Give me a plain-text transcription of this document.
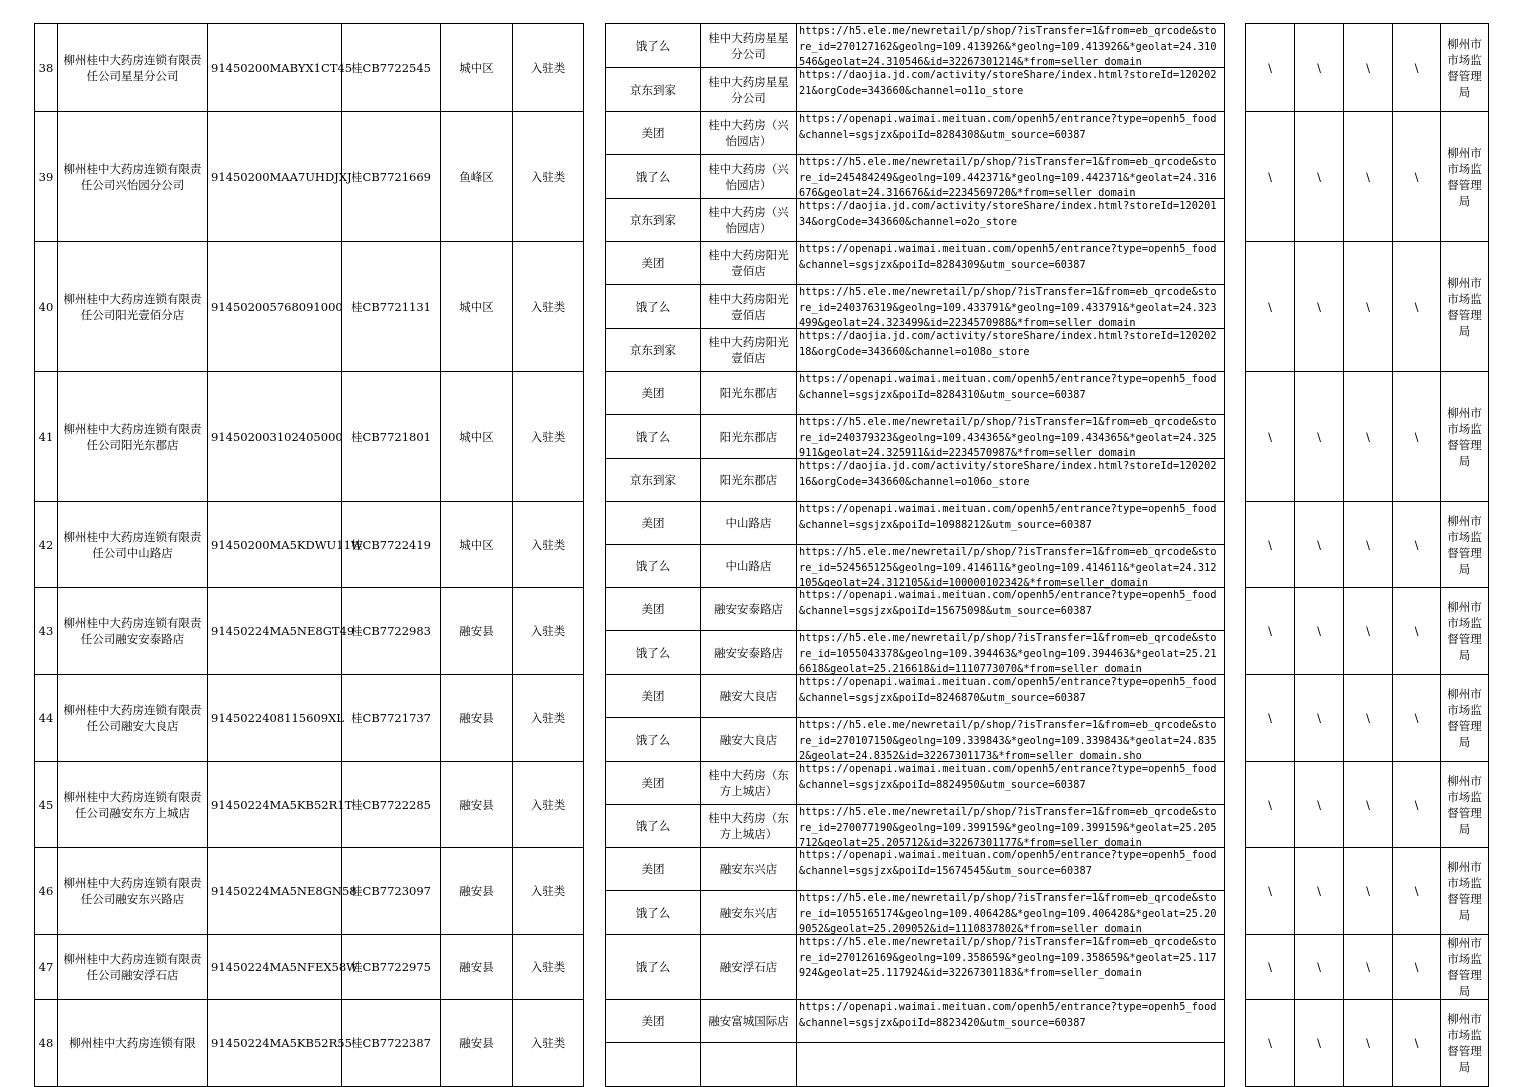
38	柳州桂中大药房连锁有限责任公司星星分公司	91450200MABYX1CT45	桂CB7722545	城中区	入驻类		饿了么	桂中大药房星星分公司	https://h5.ele.me/newretail/p/shop/?isTransfer=1&from=eb_qrcode&store_id=270127162&geolng=109.413926&*geolng=109.413926&*geolat=24.310546&geolat=24.310546&id=32267301214&*from=seller_domain		\	\	\	\	柳州市市场监督管理局
							京东到家	桂中大药房星星分公司	https://daojia.jd.com/activity/storeShare/index.html?storeId=12020221&orgCode=343660&channel=o11o_store						

39	柳州桂中大药房连锁有限责任公司兴怡园分公司	91450200MAA7UHDJXJ	桂CB7721669	鱼峰区	入驻类		美团	桂中大药房（兴怡园店）	https://openapi.waimai.meituan.com/openh5/entrance?type=openh5_food&channel=sgsjzx&poiId=8284308&utm_source=60387		\	\	\	\	柳州市市场监督管理局
							饿了么	桂中大药房（兴怡园店）	https://h5.ele.me/newretail/p/shop/?isTransfer=1&from=eb_qrcode&store_id=245484249&geolng=109.442371&*geolng=109.442371&*geolat=24.316676&geolat=24.316676&id=2234569720&*from=seller_domain						

							京东到家	桂中大药房（兴怡园店）	https://daojia.jd.com/activity/storeShare/index.html?storeId=12020134&orgCode=343660&channel=o2o_store						

40	柳州桂中大药房连锁有限责任公司阳光壹佰分店	914502005768091000	桂CB7721131	城中区	入驻类		美团	桂中大药房阳光壹佰店	https://openapi.waimai.meituan.com/openh5/entrance?type=openh5_food&channel=sgsjzx&poiId=8284309&utm_source=60387		\	\	\	\	柳州市市场监督管理局
							饿了么	桂中大药房阳光壹佰店	https://h5.ele.me/newretail/p/shop/?isTransfer=1&from=eb_qrcode&store_id=240376319&geolng=109.433791&*geolng=109.433791&*geolat=24.323499&geolat=24.323499&id=2234570988&*from=seller_domain						

							京东到家	桂中大药房阳光壹佰店	https://daojia.jd.com/activity/storeShare/index.html?storeId=12020218&orgCode=343660&channel=o108o_store						

41	柳州桂中大药房连锁有限责任公司阳光东郡店	914502003102405000	桂CB7721801	城中区	入驻类		美团	阳光东郡店	https://openapi.waimai.meituan.com/openh5/entrance?type=openh5_food&channel=sgsjzx&poiId=8284310&utm_source=60387		\	\	\	\	柳州市市场监督管理局
							饿了么	阳光东郡店	https://h5.ele.me/newretail/p/shop/?isTransfer=1&from=eb_qrcode&store_id=240379323&geolng=109.434365&*geolng=109.434365&*geolat=24.325911&geolat=24.325911&id=2234570987&*from=seller_domain						

							京东到家	阳光东郡店	https://daojia.jd.com/activity/storeShare/index.html?storeId=12020216&orgCode=343660&channel=o106o_store						

42	柳州桂中大药房连锁有限责任公司中山路店	91450200MA5KDWU11W	桂CB7722419	城中区	入驻类		美团	中山路店	https://openapi.waimai.meituan.com/openh5/entrance?type=openh5_food&channel=sgsjzx&poiId=10988212&utm_source=60387		\	\	\	\	柳州市市场监督管理局
							饿了么	中山路店	https://h5.ele.me/newretail/p/shop/?isTransfer=1&from=eb_qrcode&store_id=524565125&geolng=109.414611&*geolng=109.414611&*geolat=24.312105&geolat=24.312105&id=100000102342&*from=seller_domain						

43	柳州桂中大药房连锁有限责任公司融安安泰路店	91450224MA5NE8GT49	桂CB7722983	融安县	入驻类		美团	融安安泰路店	https://openapi.waimai.meituan.com/openh5/entrance?type=openh5_food&channel=sgsjzx&poiId=15675098&utm_source=60387		\	\	\	\	柳州市市场监督管理局
							饿了么	融安安泰路店	https://h5.ele.me/newretail/p/shop/?isTransfer=1&from=eb_qrcode&store_id=1055043378&geolng=109.394463&*geolng=109.394463&*geolat=25.216618&geolat=25.216618&id=1110773070&*from=seller_domain						

44	柳州桂中大药房连锁有限责任公司融安大良店	9145022408115609XL	桂CB7721737	融安县	入驻类		美团	融安大良店	https://openapi.waimai.meituan.com/openh5/entrance?type=openh5_food&channel=sgsjzx&poiId=8246870&utm_source=60387		\	\	\	\	柳州市市场监督管理局
							饿了么	融安大良店	https://h5.ele.me/newretail/p/shop/?isTransfer=1&from=eb_qrcode&store_id=270107150&geolng=109.339843&*geolng=109.339843&*geolat=24.8352&geolat=24.8352&id=32267301173&*from=seller_domain.sho						

45	柳州桂中大药房连锁有限责任公司融安东方上城店	91450224MA5KB52R1T	桂CB7722285	融安县	入驻类		美团	桂中大药房（东方上城店）	https://openapi.waimai.meituan.com/openh5/entrance?type=openh5_food&channel=sgsjzx&poiId=8824950&utm_source=60387		\	\	\	\	柳州市市场监督管理局
							饿了么	桂中大药房（东方上城店）	https://h5.ele.me/newretail/p/shop/?isTransfer=1&from=eb_qrcode&store_id=270077190&geolng=109.399159&*geolng=109.399159&*geolat=25.205712&geolat=25.205712&id=32267301177&*from=seller_domain						

46	柳州桂中大药房连锁有限责任公司融安东兴路店	91450224MA5NE8GN58	桂CB7723097	融安县	入驻类		美团	融安东兴店	https://openapi.waimai.meituan.com/openh5/entrance?type=openh5_food&channel=sgsjzx&poiId=15674545&utm_source=60387		\	\	\	\	柳州市市场监督管理局
							饿了么	融安东兴店	https://h5.ele.me/newretail/p/shop/?isTransfer=1&from=eb_qrcode&store_id=1055165174&geolng=109.406428&*geolng=109.406428&*geolat=25.209052&geolat=25.209052&id=1110837802&*from=seller_domain						

47	柳州桂中大药房连锁有限责任公司融安浮石店	91450224MA5NFEX58W	桂CB7722975	融安县	入驻类		饿了么	融安浮石店	https://h5.ele.me/newretail/p/shop/?isTransfer=1&from=eb_qrcode&store_id=270126169&geolng=109.358659&*geolng=109.358659&*geolat=25.117924&geolat=25.117924&id=32267301183&*from=seller_domain		\	\	\	\	柳州市市场监督管理局
48	柳州桂中大药房连锁有限	91450224MA5KB52R55	桂CB7722387	融安县	入驻类		美团	融安富城国际店	https://openapi.waimai.meituan.com/openh5/entrance?type=openh5_food&channel=sgsjzx&poiId=8823420&utm_source=60387		\	\	\	\	柳州市市场监督管理局
